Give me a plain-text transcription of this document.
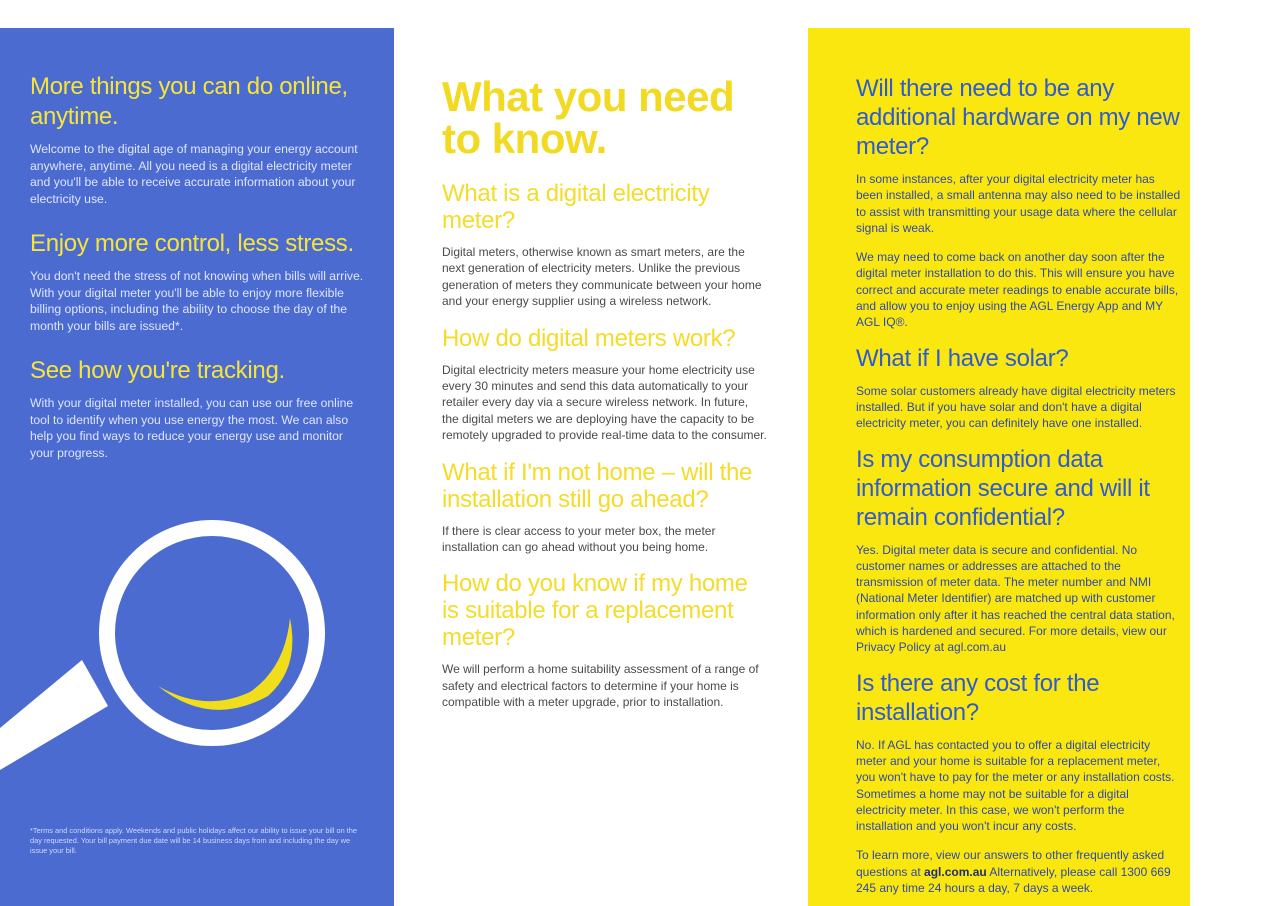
More things you can do online, anytime.

Welcome to the digital age of managing your energy account anywhere, anytime. All you need is a digital electricity meter and you'll be able to receive accurate information about your electricity use.

Enjoy more control, less stress.

You don't need the stress of not knowing when bills will arrive. With your digital meter you'll be able to enjoy more flexible billing options, including the ability to choose the day of the month your bills are issued*.

See how you're tracking.

With your digital meter installed, you can use our free online tool to identify when you use energy the most. We can also help you find ways to reduce your energy use and monitor your progress.

*Terms and conditions apply. Weekends and public holidays affect our ability to issue your bill on the day requested. Your bill payment due date will be 14 business days from and including the day we issue your bill.

What you need
to know.
What is a digital electricity meter?

Digital meters, otherwise known as smart meters, are the next generation of electricity meters. Unlike the previous generation of meters they communicate between your home and your energy supplier using a wireless network.

How do digital meters work?

Digital electricity meters measure your home electricity use every 30 minutes and send this data automatically to your retailer every day via a secure wireless network. In future, the digital meters we are deploying have the capacity to be remotely upgraded to provide real-time data to the consumer.

What if I'm not home – will the installation still go ahead?

If there is clear access to your meter box, the meter installation can go ahead without you being home.

How do you know if my home is suitable for a replacement meter?

We will perform a home suitability assessment of a range of safety and electrical factors to determine if your home is compatible with a meter upgrade, prior to installation.

Will there need to be any additional hardware on my new meter?

In some instances, after your digital electricity meter has been installed, a small antenna may also need to be installed to assist with transmitting your usage data where the cellular signal is weak.

We may need to come back on another day soon after the digital meter installation to do this. This will ensure you have correct and accurate meter readings to enable accurate bills, and allow you to enjoy using the AGL Energy App and MY AGL IQ®.

What if I have solar?

Some solar customers already have digital electricity meters installed. But if you have solar and don't have a digital electricity meter, you can definitely have one installed.

Is my consumption data information secure and will it remain confidential?

Yes. Digital meter data is secure and confidential. No customer names or addresses are attached to the transmission of meter data. The meter number and NMI (National Meter Identifier) are matched up with customer information only after it has reached the central data station, which is hardened and secured. For more details, view our Privacy Policy at agl.com.au

Is there any cost for the installation?

No. If AGL has contacted you to offer a digital electricity meter and your home is suitable for a replacement meter, you won't have to pay for the meter or any installation costs. Sometimes a home may not be suitable for a digital electricity meter. In this case, we won't perform the installation and you won't incur any costs.

To learn more, view our answers to other frequently asked questions at agl.com.au Alternatively, please call 1300 669 245 any time 24 hours a day, 7 days a week.
